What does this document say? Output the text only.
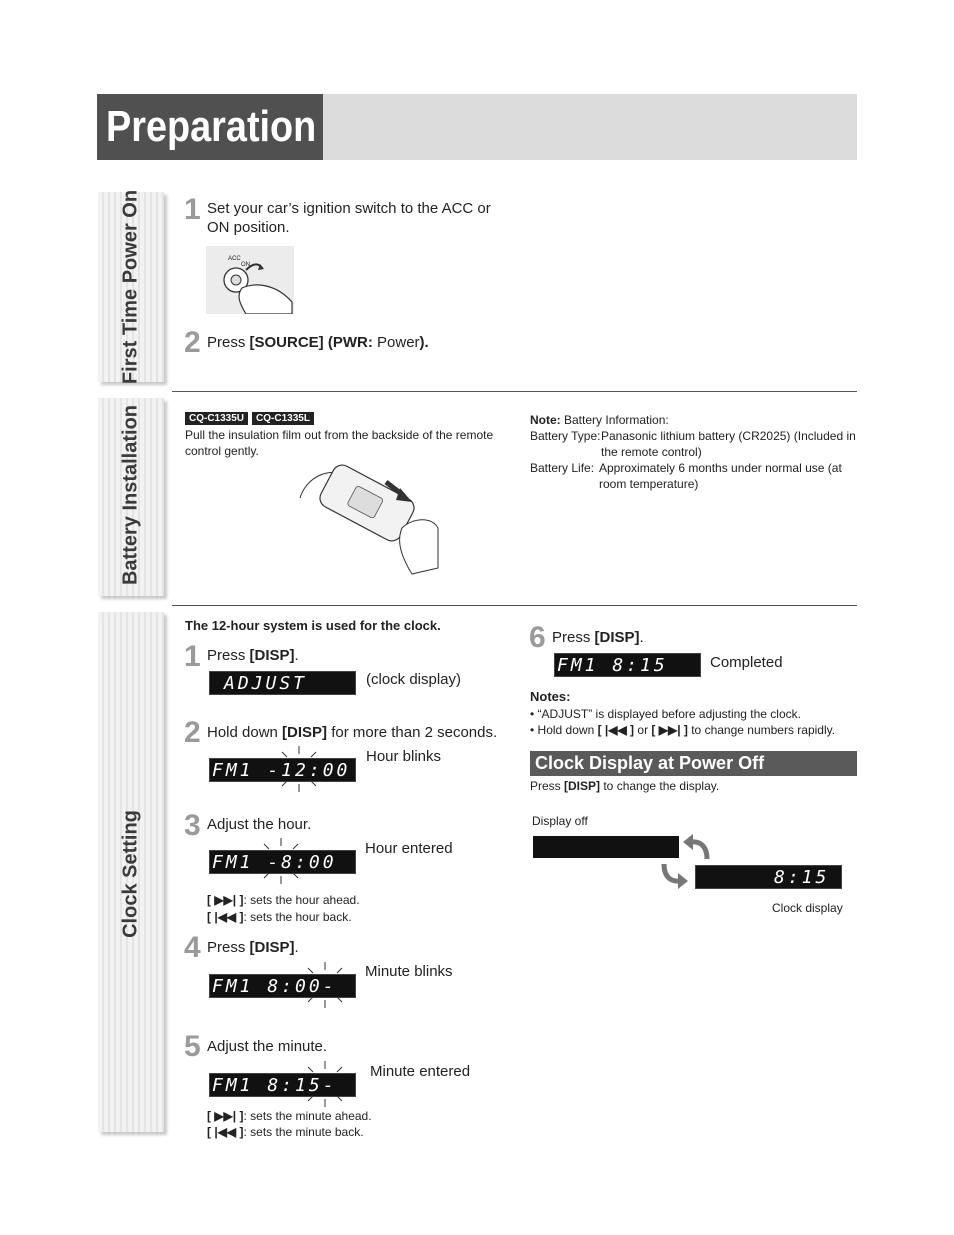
Preparation
First Time Power On
Battery Installation
Clock Setting
1 Set your car’s ignition switch to the ACC or
ON position.
ACC
ON
2 Press [SOURCE] (PWR: Power).
CQ-C1335U	CQ-C1335L
Pull the insulation film out from the backside of the remote
control gently.
Note: Battery Information:
Battery Type: Panasonic lithium battery (CR2025) (Included in
the remote control)
Battery Life: Approximately 6 months under normal use (at
room temperature)
The 12-hour system is used for the clock.
1 Press [DISP].
ADJUST	(clock display)
2 Hold down [DISP] for more than 2 seconds.
FM1 -12:00
Hour blinks
3 Adjust the hour.
FM1 -8:00
Hour entered
[ ▶▶| ]: sets the hour ahead.
[ |◀◀ ]: sets the hour back.
4 Press [DISP].
FM1 8:00-
Minute blinks
5 Adjust the minute.
FM1 8:15-
Minute entered
[ ▶▶| ]: sets the minute ahead.
[ |◀◀ ]: sets the minute back.
6 Press [DISP].
FM1 8:15	Completed
Notes:
• “ADJUST” is displayed before adjusting the clock.
• Hold down [ |◀◀ ] or [ ▶▶| ] to change numbers rapidly.
Clock Display at Power Off
Press [DISP] to change the display.
Display off
8:15
Clock display
